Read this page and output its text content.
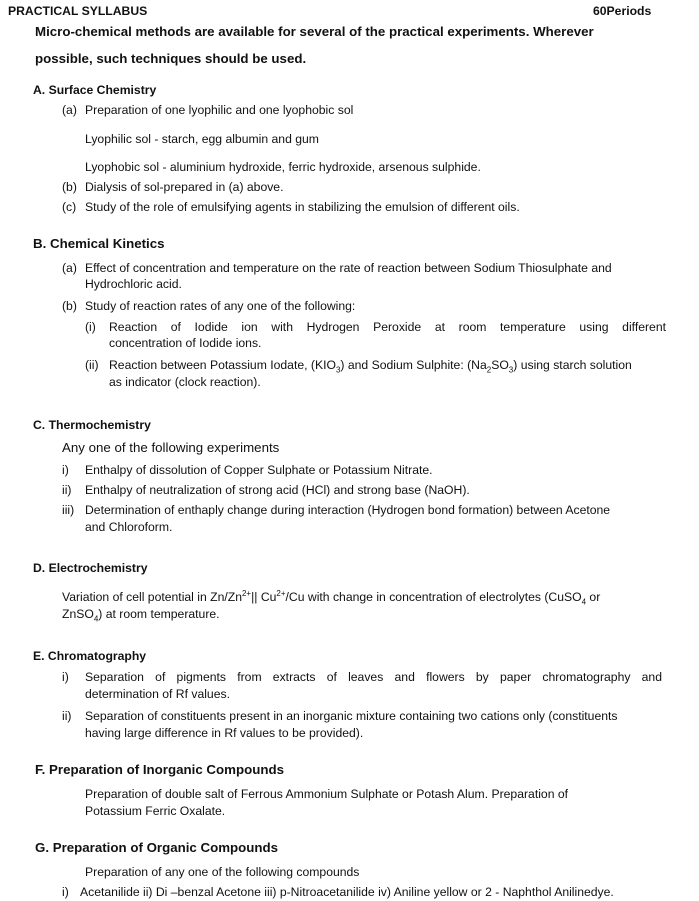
PRACTICAL SYLLABUS	60Periods
Micro-chemical methods are available for several of the practical experiments. Wherever
possible, such techniques should be used.
A. Surface Chemistry
(a) Preparation of one lyophilic and one lyophobic sol
Lyophilic sol - starch, egg albumin and gum
Lyophobic sol - aluminium hydroxide, ferric hydroxide, arsenous sulphide.
(b) Dialysis of sol-prepared in (a) above.
(c) Study of the role of emulsifying agents in stabilizing the emulsion of different oils.
B. Chemical Kinetics
(a) Effect of concentration and temperature on the rate of reaction between Sodium Thiosulphate and
Hydrochloric acid.
(b) Study of reaction rates of any one of the following:
(i) Reaction of Iodide ion with Hydrogen Peroxide at room temperature using different
concentration of Iodide ions.
(ii) Reaction between Potassium Iodate, $(KIO_3)$ and Sodium Sulphite: $(Na_2SO_3)$ using starch solution
as indicator (clock reaction).
C. Thermochemistry
Any one of the following experiments
i) Enthalpy of dissolution of Copper Sulphate or Potassium Nitrate.
ii) Enthalpy of neutralization of strong acid (HCl) and strong base (NaOH).
iii) Determination of enthaply change during interaction (Hydrogen bond formation) between Acetone
and Chloroform.
D. Electrochemistry
Variation of cell potential in $Zn/Zn^{2+}||$ $Cu^{2+}/Cu$ with change in concentration of electrolytes (CuSO$_4$ or
ZnSO$_4$) at room temperature.
E. Chromatography
i) Separation of pigments from extracts of leaves and flowers by paper chromatography and
determination of Rf values.
ii) Separation of constituents present in an inorganic mixture containing two cations only (constituents
having large difference in Rf values to be provided).
F. Preparation of Inorganic Compounds
Preparation of double salt of Ferrous Ammonium Sulphate or Potash Alum. Preparation of
Potassium Ferric Oxalate.
G. Preparation of Organic Compounds
Preparation of any one of the following compounds
i) Acetanilide ii) Di –benzal Acetone iii) p-Nitroacetanilide iv) Aniline yellow or 2 - Naphthol Anilinedye.
